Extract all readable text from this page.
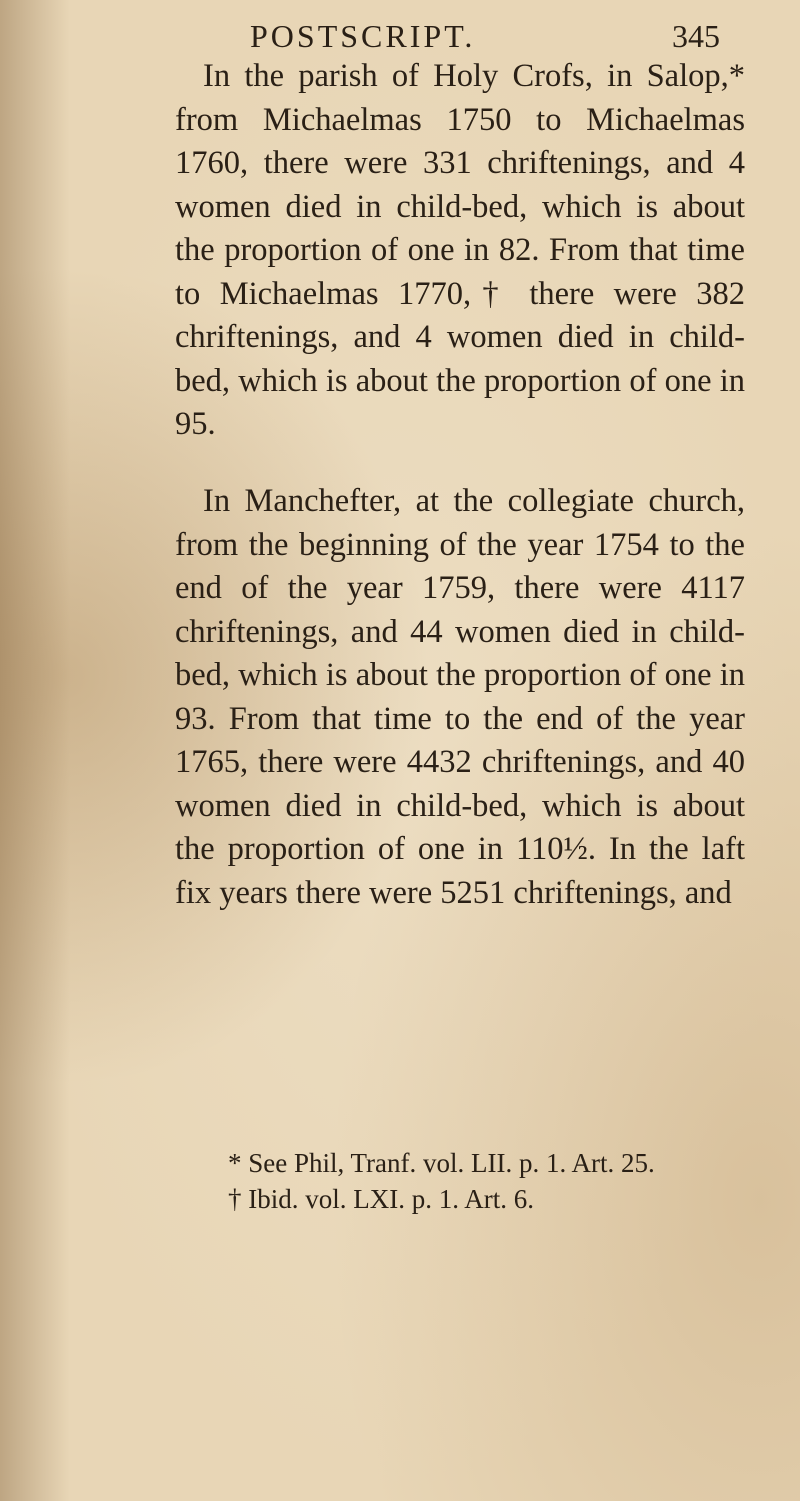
POSTSCRIPT.	345

In the parish of Holy Crofs, in Salop,* from Michaelmas 1750 to Michaelmas 1760, there were 331 chriftenings, and 4 women died in child-bed, which is about the proportion of one in 82. From that time to Michaelmas 1770,† there were 382 chriftenings, and 4 women died in child-bed, which is about the proportion of one in 95.

In Manchefter, at the collegiate church, from the beginning of the year 1754 to the end of the year 1759, there were 4117 chriftenings, and 44 women died in child-bed, which is about the proportion of one in 93. From that time to the end of the year 1765, there were 4432 chriftenings, and 40 women died in child-bed, which is about the proportion of one in 110½. In the laft fix years there were 5251 chriftenings, and

* See Phil, Tranf. vol. LII. p. 1. Art. 25.

† Ibid. vol. LXI. p. 1. Art. 6.
